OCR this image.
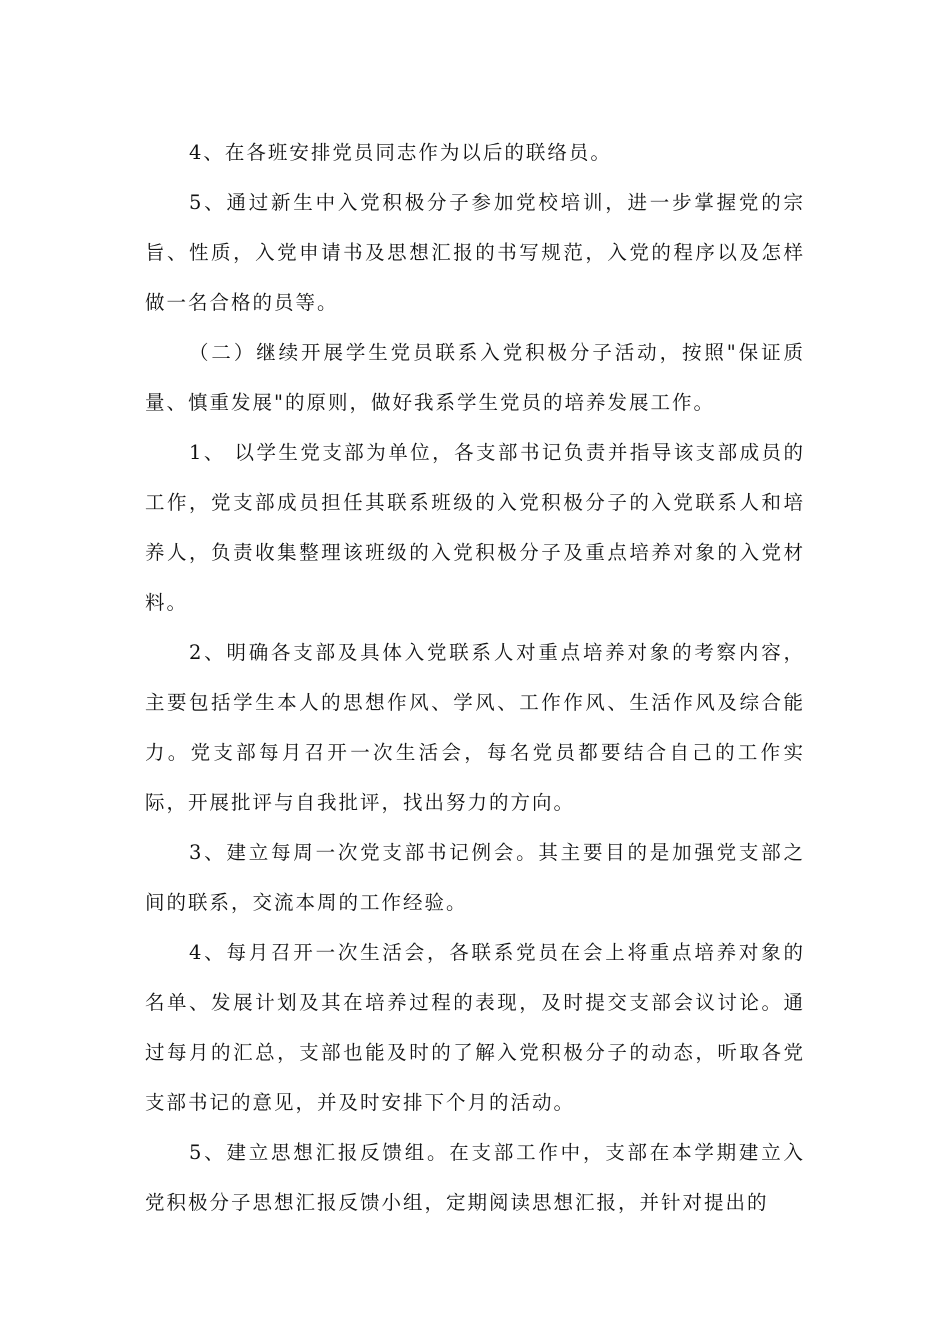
4、在各班安排党员同志作为以后的联络员。

5、通过新生中入党积极分子参加党校培训，进一步掌握党的宗旨、性质，入党申请书及思想汇报的书写规范，入党的程序以及怎样做一名合格的员等。

（二）继续开展学生党员联系入党积极分子活动，按照"保证质量、慎重发展"的原则，做好我系学生党员的培养发展工作。

1、 以学生党支部为单位，各支部书记负责并指导该支部成员的工作，党支部成员担任其联系班级的入党积极分子的入党联系人和培养人，负责收集整理该班级的入党积极分子及重点培养对象的入党材料。

2、明确各支部及具体入党联系人对重点培养对象的考察内容，主要包括学生本人的思想作风、学风、工作作风、生活作风及综合能力。党支部每月召开一次生活会，每名党员都要结合自己的工作实际，开展批评与自我批评，找出努力的方向。

3、建立每周一次党支部书记例会。其主要目的是加强党支部之间的联系，交流本周的工作经验。

4、每月召开一次生活会，各联系党员在会上将重点培养对象的名单、发展计划及其在培养过程的表现，及时提交支部会议讨论。通过每月的汇总，支部也能及时的了解入党积极分子的动态，听取各党支部书记的意见，并及时安排下个月的活动。

5、建立思想汇报反馈组。在支部工作中，支部在本学期建立入党积极分子思想汇报反馈小组，定期阅读思想汇报，并针对提出的
